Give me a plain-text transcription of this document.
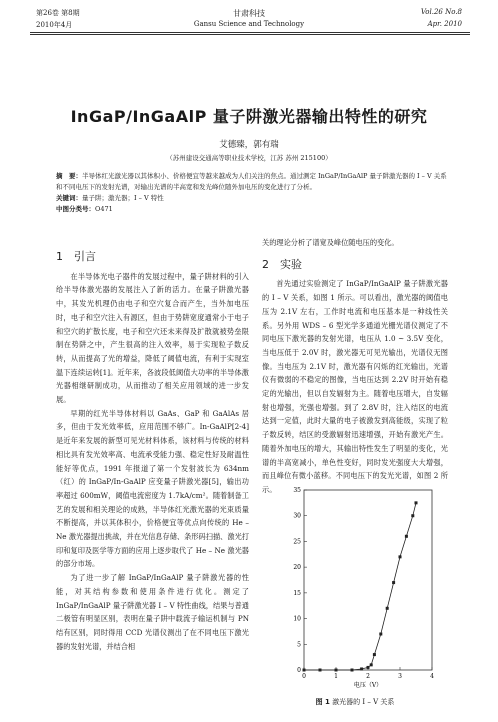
第26卷 第8期
2010年4月
甘肃科技
Gansu Science and Technology
Vol.26 No.8
Apr. 2010
InGaP/InGaAlP 量子阱激光器输出特性的研究
艾德臻，郭有瑞
（苏州建设交通高等职业技术学校，江苏 苏州 215100）

摘　要：半导体红光激光器以其体积小、价格便宜等越来越成为人们关注的焦点。通过测定 InGaP/InGaAlP 量子阱激光器的 I – V 关系和不同电压下的发射光谱，对输出光谱的半高宽和发光峰位随外加电压的变化进行了分析。

关键词：量子阱；激光器；I – V 特性

中图分类号：O471

1　引言

在半导体光电子器件的发展过程中，量子阱材料的引入给半导体激光器的发展注入了新的活力。在量子阱激光器中，其发光机理仍由电子和空穴复合而产生，当外加电压时，电子和空穴注入有源区，但由于势阱宽度通常小于电子和空穴的扩散长度，电子和空穴还未来得及扩散就被势垒限制在势阱之中，产生很高的注入效率，易于实现粒子数反转，从而提高了光的增益，降低了阈值电流，有利于实现室温下连续运转[1]。近年来，各波段低阈值大功率的半导体激光器相继研制成功，从而推动了相关应用领域的进一步发展。

早期的红光半导体材料以 GaAs、GaP 和 GaAlAs 居多，但由于发光效率低，应用范围不够广。In-GaAlP[2-4] 是近年来发展的新型可见光材料体系，该材料与传统的材料相比具有发光效率高、电流承受能力强、稳定性好及耐温性能好等优点，1991 年报道了第一个发射波长为 634nm（红）的 InGaP/In-GaAlP 应变量子阱激光器[5]，输出功率超过 600mW，阈值电流密度为 1.7kA/cm²。随着制备工艺的发展和相关理论的成熟，半导体红光激光器的光束质量不断提高，并以其体积小，价格便宜等优点向传统的 He – Ne 激光器提出挑战，并在光信息存储、条形码扫描、激光打印和复印及医学等方面的应用上逐步取代了 He – Ne 激光器的部分市场。

为了进一步了解 InGaP/InGaAlP 量子阱激光器的性能，对其结构参数和使用条件进行优化。测定了 InGaP/InGaAlP 量子阱激光器 I – V 特性曲线，结果与普通二极管有明显区别，表明在量子阱中载流子输运机制与 PN 结有区别，同时得用 CCD 光谱仪测出了在不同电压下激光器的发射光谱，并结合相

关的理论分析了谱宽及峰位随电压的变化。

2　实验

首先通过实验测定了 InGaP/InGaAlP 量子阱激光器的 I – V 关系，如图 1 所示。可以看出，激光器的阈值电压为 2.1V 左右，工作时电流和电压基本是一种线性关系。另外用 WDS – 6 型光学多通道光栅光谱仪测定了不同电压下激光器的发射光谱，电压从 1.0 ~ 3.5V 变化，当电压低于 2.0V 时，激光器无可见光输出，光谱仪无图像。当电压为 2.1V 时，激光器有闪烁的红光输出，光谱仪有微弱的不稳定的图像，当电压达到 2.2V 时开始有稳定的光输出，但以自发辐射为主。随着电压增大，自发辐射也增强，光强也增强。到了 2.8V 时，注入结区的电流达到一定值，此时大量的电子被激发到高能级，实现了粒子数反转，结区的受激辐射迅速增强，开始有激光产生。随着外加电压的增大，其输出特性发生了明显的变化，光谱的半高宽减小，单色性变好，同时发光强度大大增强，而且峰位有微小蓝移。不同电压下的发光光谱，如图 2 所示。

0	1	2	3	4
0
5
10
15
20
25
30
35
电压（V）
图 1 激光器的 I – V 关系
